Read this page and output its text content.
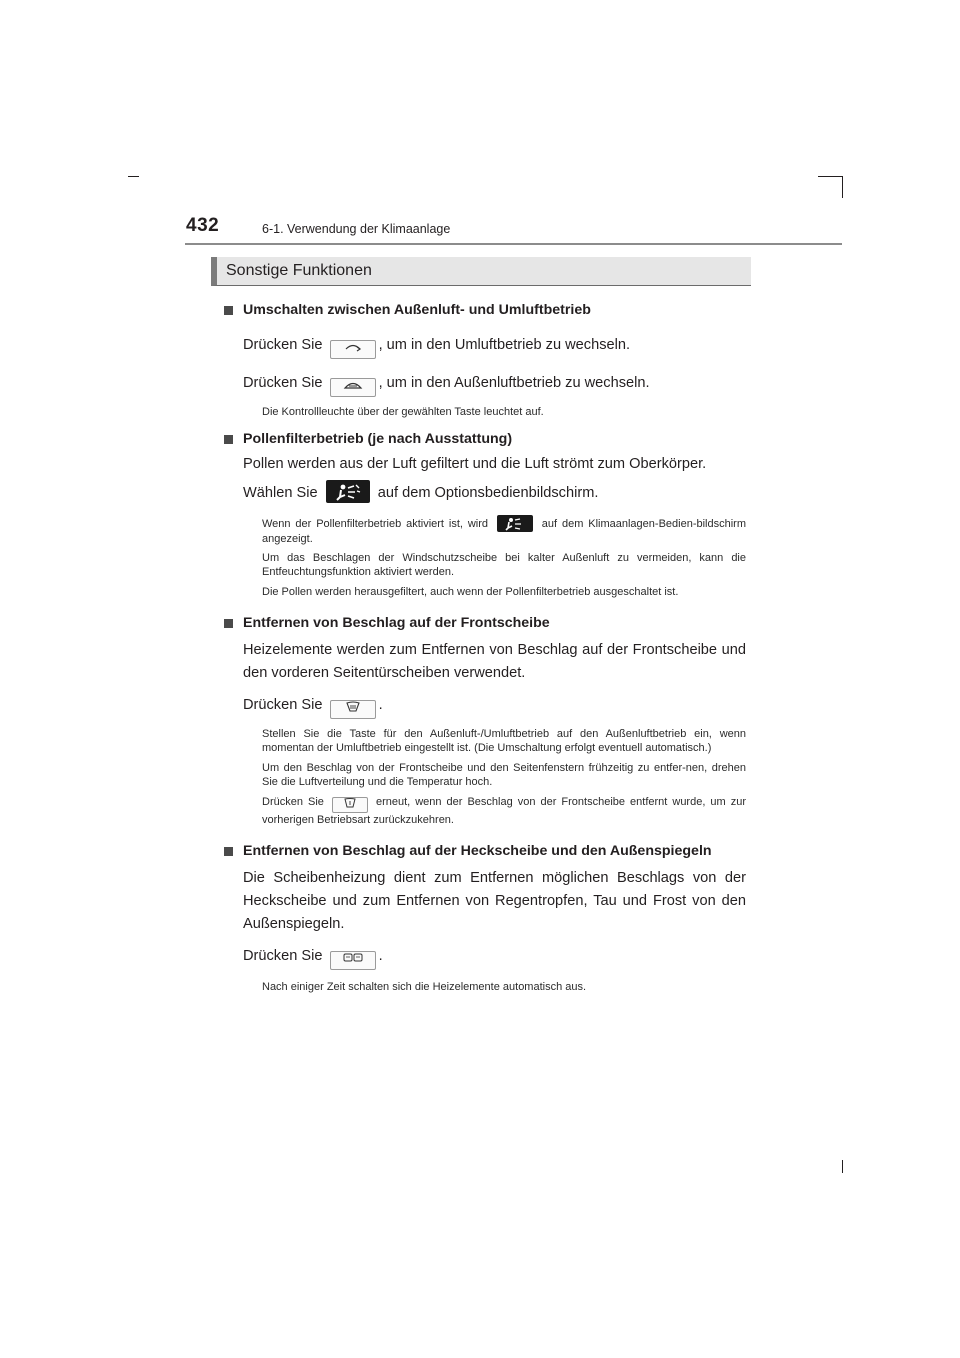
432	6-1. Verwendung der Klimaanlage
Sonstige Funktionen
Umschalten zwischen Außenluft- und Umluftbetrieb
Drücken Sie	, um in den Umluftbetrieb zu wechseln.
Drücken Sie	, um in den Außenluftbetrieb zu wechseln.
Die Kontrollleuchte über der gewählten Taste leuchtet auf.
Pollenfilterbetrieb (je nach Ausstattung)
Pollen werden aus der Luft gefiltert und die Luft strömt zum Oberkörper.
Wählen Sie	auf dem Optionsbedienbildschirm.
Wenn der Pollenfilterbetrieb aktiviert ist, wird	auf dem Klimaanlagen-Bedien-bildschirm angezeigt.
Um das Beschlagen der Windschutzscheibe bei kalter Außenluft zu vermeiden, kann die Entfeuchtungsfunktion aktiviert werden.
Die Pollen werden herausgefiltert, auch wenn der Pollenfilterbetrieb ausgeschaltet ist.
Entfernen von Beschlag auf der Frontscheibe
Heizelemente werden zum Entfernen von Beschlag auf der Frontscheibe und den vorderen Seitentürscheiben verwendet.
Drücken Sie	.
Stellen Sie die Taste für den Außenluft-/Umluftbetrieb auf den Außenluftbetrieb ein, wenn momentan der Umluftbetrieb eingestellt ist. (Die Umschaltung erfolgt eventuell automatisch.)
Um den Beschlag von der Frontscheibe und den Seitenfenstern frühzeitig zu entfer-nen, drehen Sie die Luftverteilung und die Temperatur hoch.
Drücken Sie	erneut, wenn der Beschlag von der Frontscheibe entfernt wurde, um zur vorherigen Betriebsart zurückzukehren.
Entfernen von Beschlag auf der Heckscheibe und den Außenspiegeln
Die Scheibenheizung dient zum Entfernen möglichen Beschlags von der Heckscheibe und zum Entfernen von Regentropfen, Tau und Frost von den Außenspiegeln.
Drücken Sie	.
Nach einiger Zeit schalten sich die Heizelemente automatisch aus.
